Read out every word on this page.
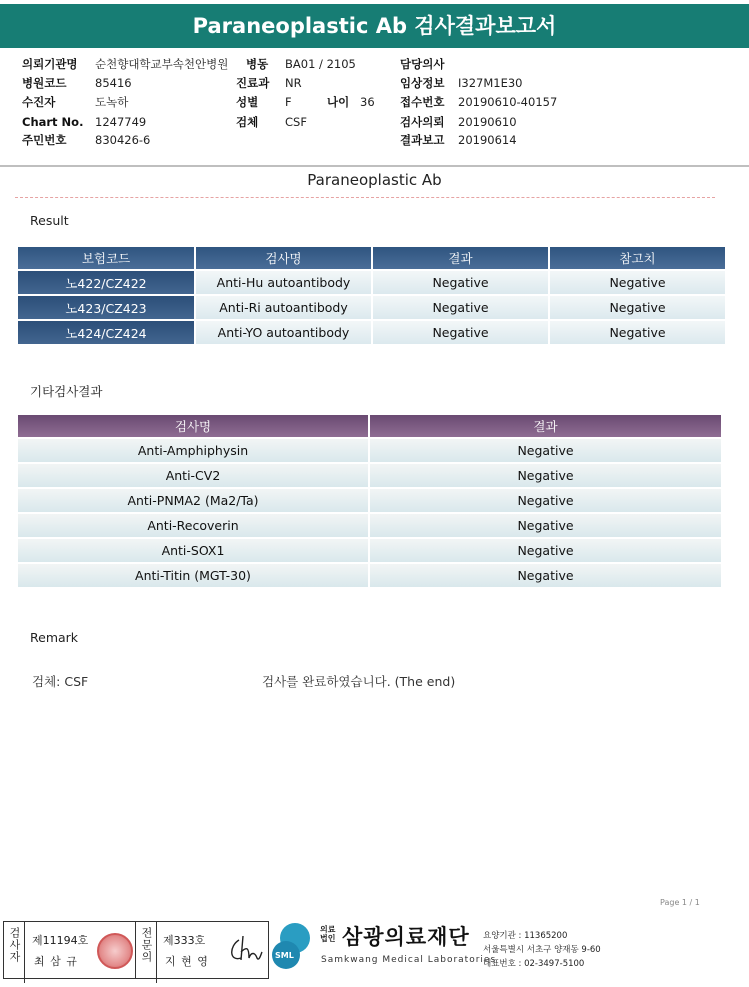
Paraneoplastic Ab 검사결과보고서
의뢰기관명 순천향대학교부속천안병원 병동 BA01 / 2105	담당의사
병원코드 85416	진료과 NR	임상정보 I327M1E30
수진자	도녹하	성별 F	나이 36 접수번호 20190610-40157
Chart No. 1247749	검체 CSF	검사의뢰 20190610
주민번호 830426-6	결과보고 20190614
Paraneoplastic Ab
Result
보험코드	검사명	결과	참고치
노422/CZ422	Anti-Hu autoantibody	Negative	Negative
노423/CZ423	Anti-Ri autoantibody	Negative	Negative
노424/CZ424	Anti-YO autoantibody	Negative	Negative
기타검사결과
검사명	결과
Anti-Amphiphysin	Negative
Anti-CV2	Negative
Anti-PNMA2 (Ma2/Ta)	Negative
Anti-Recoverin	Negative
Anti-SOX1	Negative
Anti-Titin (MGT-30)	Negative
Remark
검체: CSF	검사를 완료하였습니다. (The end)
Page 1 / 1
검사자	제11194호
최 삼 규	전문의 제333호
지 현 영	SML
의료법인 삼광의료재단
Samkwang Medical Laboratories
요양기관 : 11365200
서울특별시 서초구 양재동 9-60
대표번호 : 02-3497-5100
